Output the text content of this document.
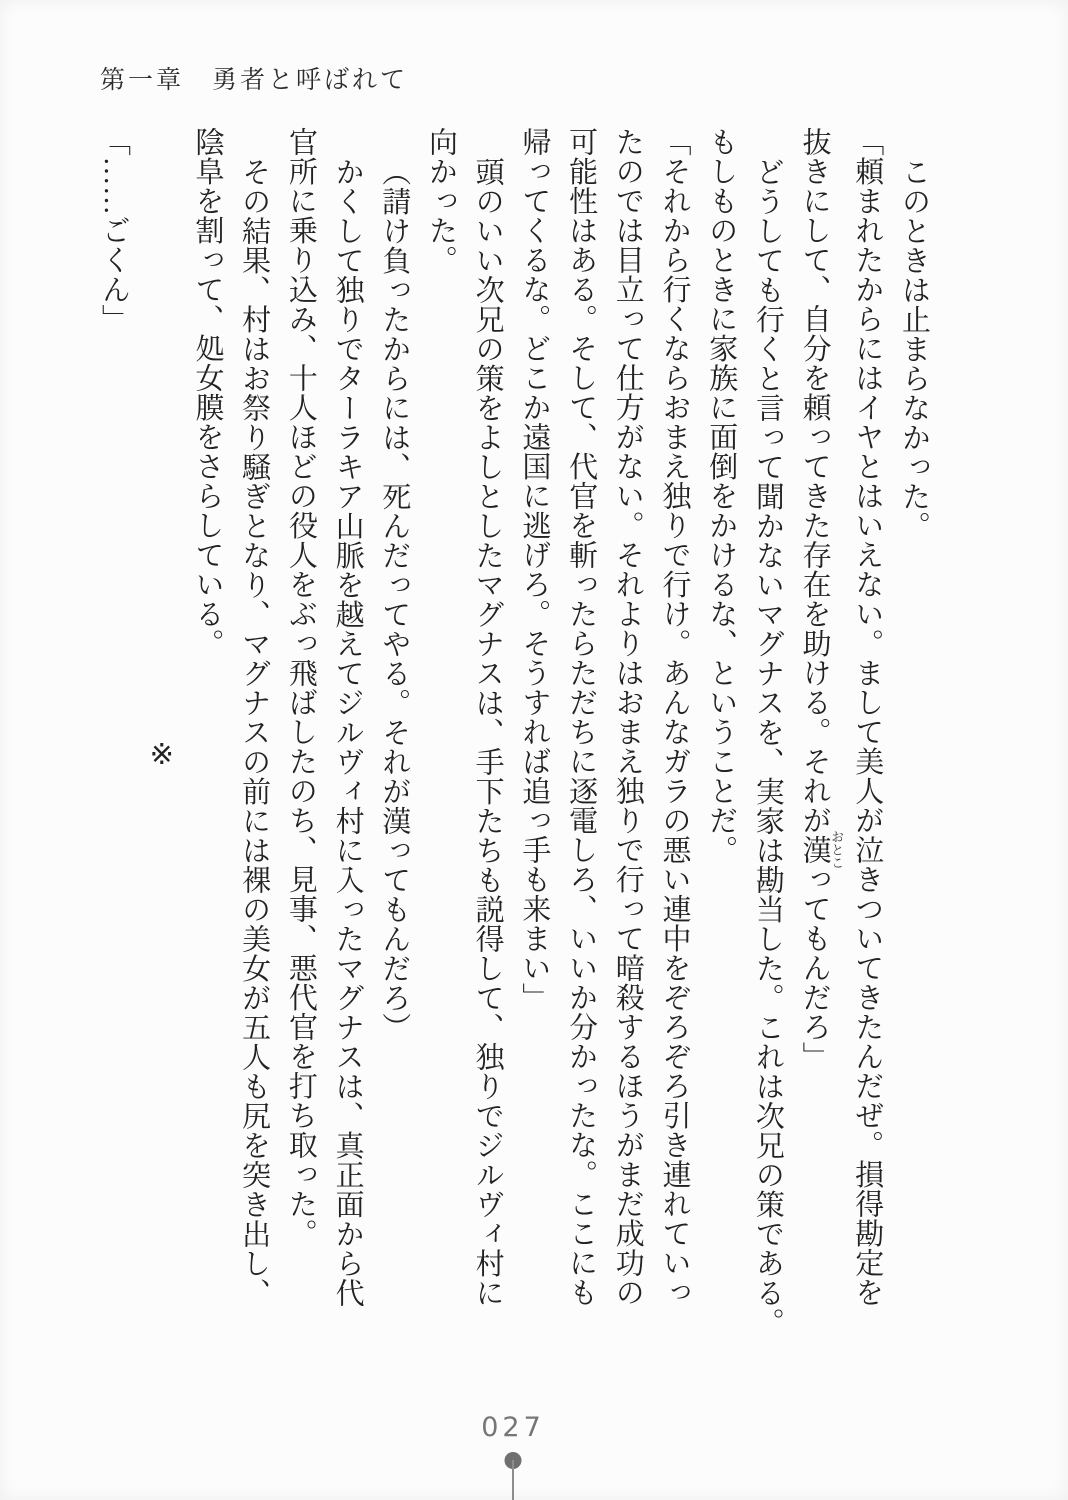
第一章　勇者と呼ばれて

このときは止まらなかった。

「頼まれたからにはイヤとはいえない。まして美人が泣きついてきたんだぜ。損得勘定を

抜きにして、自分を頼ってきた存在を助ける。それが漢おとこってもんだろ」

どうしても行くと言って聞かないマグナスを、実家は勘当した。これは次兄の策である。

もしものときに家族に面倒をかけるな、ということだ。

「それから行くならおまえ独りで行け。あんなガラの悪い連中をぞろぞろ引き連れていっ

たのでは目立って仕方がない。それよりはおまえ独りで行って暗殺するほうがまだ成功の

可能性はある。そして、代官を斬ったらただちに逐電しろ、いいか分かったな。ここにも

帰ってくるな。どこか遠国に逃げろ。そうすれば追っ手も来まい」

頭のいい次兄の策をよしとしたマグナスは、手下たちも説得して、独りでジルヴィ村に

向かった。

（請け負ったからには、死んだってやる。それが漢ってもんだろ）

かくして独りでターラキア山脈を越えてジルヴィ村に入ったマグナスは、真正面から代

官所に乗り込み、十人ほどの役人をぶっ飛ばしたのち、見事、悪代官を打ち取った。

その結果、村はお祭り騒ぎとなり、マグナスの前には裸の美女が五人も尻を突き出し、

陰阜を割って、処女膜をさらしている。

※

「……ごくん」

027
